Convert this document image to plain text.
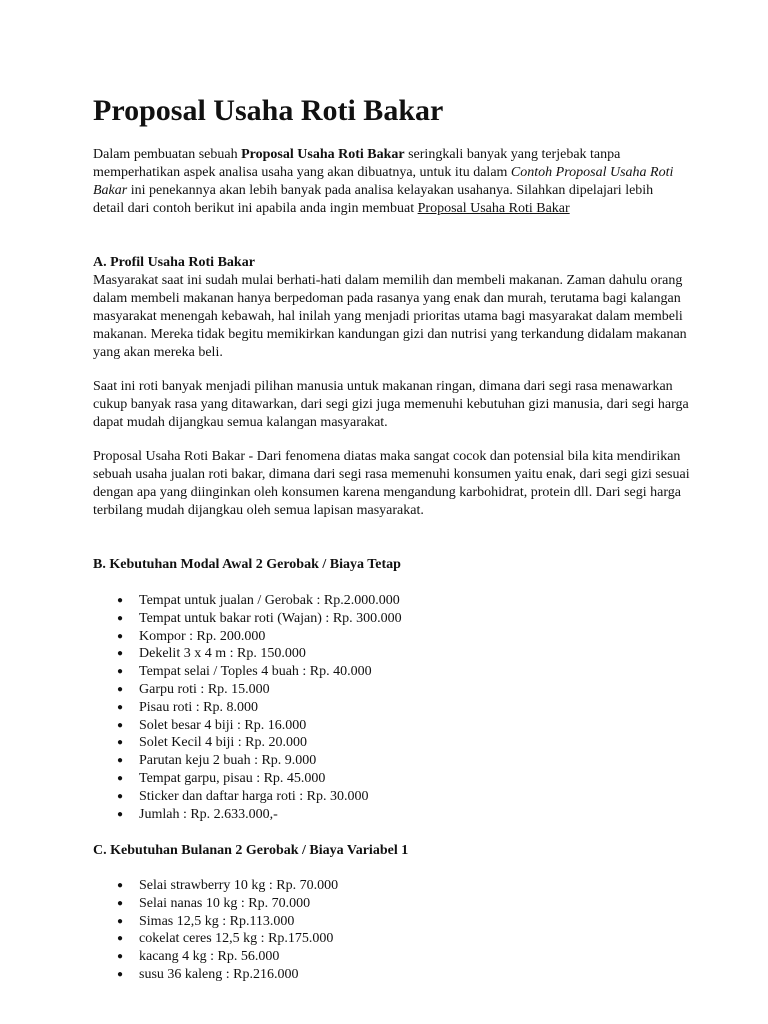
Proposal Usaha Roti Bakar

Dalam pembuatan sebuah Proposal Usaha Roti Bakar seringkali banyak yang terjebak tanpa memperhatikan aspek analisa usaha yang akan dibuatnya, untuk itu dalam Contoh Proposal Usaha Roti Bakar ini penekannya akan lebih banyak pada analisa kelayakan usahanya. Silahkan dipelajari lebih detail dari contoh berikut ini apabila anda ingin membuat Proposal Usaha Roti Bakar

A. Profil Usaha Roti Bakar

Masyarakat saat ini sudah mulai berhati-hati dalam memilih dan membeli makanan. Zaman dahulu orang dalam membeli makanan hanya berpedoman pada rasanya yang enak dan murah, terutama bagi kalangan masyarakat menengah kebawah, hal inilah yang menjadi prioritas utama bagi masyarakat dalam membeli makanan. Mereka tidak begitu memikirkan kandungan gizi dan nutrisi yang terkandung didalam makanan yang akan mereka beli.

Saat ini roti banyak menjadi pilihan manusia untuk makanan ringan, dimana dari segi rasa menawarkan cukup banyak rasa yang ditawarkan, dari segi gizi juga memenuhi kebutuhan gizi manusia, dari segi harga dapat mudah dijangkau semua kalangan masyarakat.

Proposal Usaha Roti Bakar - Dari fenomena diatas maka sangat cocok dan potensial bila kita mendirikan sebuah usaha jualan roti bakar, dimana dari segi rasa memenuhi konsumen yaitu enak, dari segi gizi sesuai dengan apa yang diinginkan oleh konsumen karena mengandung karbohidrat, protein dll. Dari segi harga terbilang mudah dijangkau oleh semua lapisan masyarakat.

B. Kebutuhan Modal Awal 2 Gerobak / Biaya Tetap
● Tempat untuk jualan / Gerobak : Rp.2.000.000
● Tempat untuk bakar roti (Wajan) : Rp. 300.000
● Kompor : Rp. 200.000
● Dekelit 3 x 4 m : Rp. 150.000
● Tempat selai / Toples 4 buah : Rp. 40.000
● Garpu roti : Rp. 15.000
● Pisau roti : Rp. 8.000
● Solet besar 4 biji : Rp. 16.000
● Solet Kecil 4 biji : Rp. 20.000
● Parutan keju 2 buah : Rp. 9.000
● Tempat garpu, pisau : Rp. 45.000
● Sticker dan daftar harga roti : Rp. 30.000
● Jumlah : Rp. 2.633.000,-
C. Kebutuhan Bulanan 2 Gerobak / Biaya Variabel 1
● Selai strawberry 10 kg : Rp. 70.000
● Selai nanas 10 kg : Rp. 70.000
● Simas 12,5 kg : Rp.113.000
● cokelat ceres 12,5 kg : Rp.175.000
● kacang 4 kg : Rp. 56.000
● susu 36 kaleng : Rp.216.000
